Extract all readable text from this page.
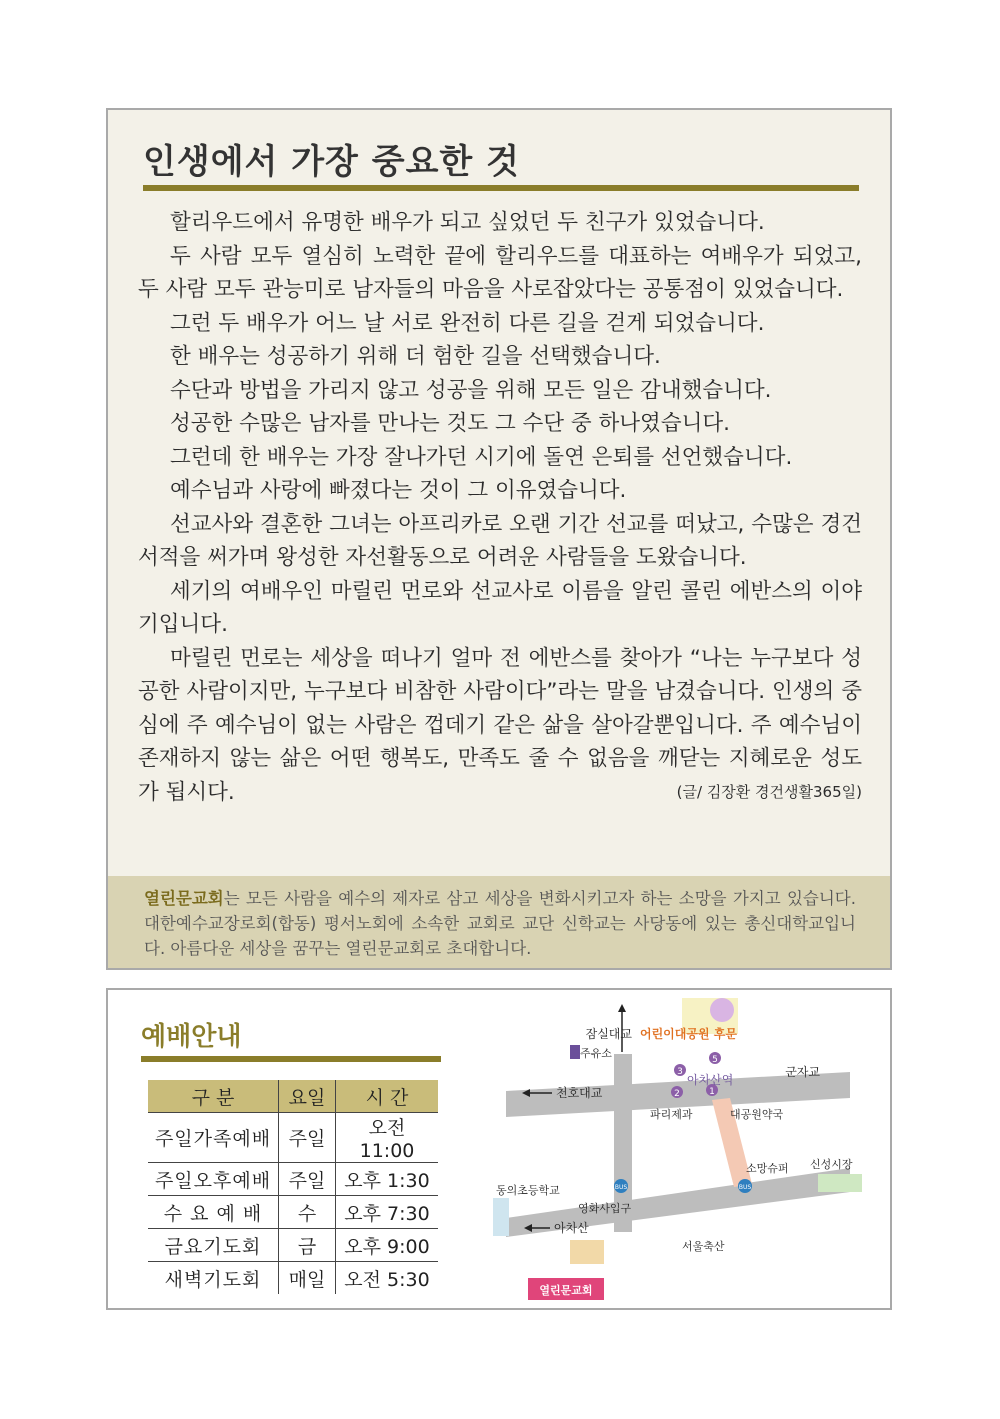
인생에서 가장 중요한 것

할리우드에서 유명한 배우가 되고 싶었던 두 친구가 있었습니다.

두 사람 모두 열심히 노력한 끝에 할리우드를 대표하는 여배우가 되었고, 두 사람 모두 관능미로 남자들의 마음을 사로잡았다는 공통점이 있었습니다.

그런 두 배우가 어느 날 서로 완전히 다른 길을 걷게 되었습니다.

한 배우는 성공하기 위해 더 험한 길을 선택했습니다.

수단과 방법을 가리지 않고 성공을 위해 모든 일은 감내했습니다.

성공한 수많은 남자를 만나는 것도 그 수단 중 하나였습니다.

그런데 한 배우는 가장 잘나가던 시기에 돌연 은퇴를 선언했습니다.

예수님과 사랑에 빠졌다는 것이 그 이유였습니다.

선교사와 결혼한 그녀는 아프리카로 오랜 기간 선교를 떠났고, 수많은 경건 서적을 써가며 왕성한 자선활동으로 어려운 사람들을 도왔습니다.

세기의 여배우인 마릴린 먼로와 선교사로 이름을 알린 콜린 에반스의 이야기입니다.

마릴린 먼로는 세상을 떠나기 얼마 전 에반스를 찾아가 “나는 누구보다 성공한 사람이지만, 누구보다 비참한 사람이다”라는 말을 남겼습니다. 인생의 중심에 주 예수님이 없는 사람은 껍데기 같은 삶을 살아갈뿐입니다. 주 예수님이 존재하지 않는 삶은 어떤 행복도, 만족도 줄 수 없음을 깨닫는 지혜로운 성도가 됩시다.	(글/ 김장환 경건생활365일)

열린문교회는 모든 사람을 예수의 제자로 삼고 세상을 변화시키고자 하는 소망을 가지고 있습니다. 대한예수교장로회(합동) 평서노회에 소속한 교회로 교단 신학교는 사당동에 있는 총신대학교입니다. 아름다운 세상을 꿈꾸는 열린문교회로 초대합니다.
예배안내
구 분	요일	시 간
주일가족예배	주일	오전11:00
주일오후예배	주일	오후 1:30
수 요 예 배	수	오후 7:30
금요기도회	금	오후 9:00
새벽기도회	매일	오전 5:30
3
5
2	1
BUS	BUS
잠실대교 어린이대공원 후문
주유소
군자교
천호대교
아차산역
파리제과	대공원약국
신성시장
소망슈퍼
동의초등학교
영화사입구
아차산
서울축산
열린문교회
